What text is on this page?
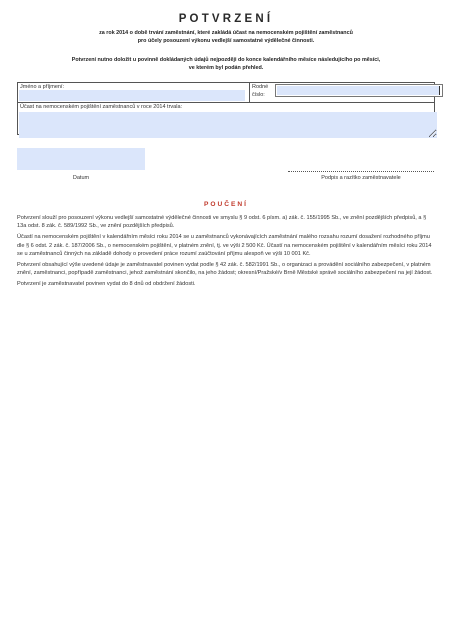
POTVRZENÍ
za rok 2014 o době trvání zaměstnání, které zakládá účast na nemocenském pojištění zaměstnanců
pro účely posouzení výkonu vedlejší samostatné výdělečné činnosti.
Potvrzení nutno doložit u povinně dokládaných údajů nejpozději do konce kalendářního měsíce následujícího po měsíci,
ve kterém byl podán přehled.
Jméno a příjmení:	Rodné
číslo:
Účast na nemocenském pojištění zaměstnanců v roce 2014 trvala:
Datum	Podpis a razítko zaměstnavatele
POUČENÍ

Potvrzení slouží pro posouzení výkonu vedlejší samostatné výdělečné činnosti ve smyslu § 9 odst. 6 písm. a) zák. č. 155/1995 Sb., ve znění pozdějších předpisů, a § 13a odst. 8 zák. č. 589/1992 Sb., ve znění pozdějších předpisů.

Účastí na nemocenském pojištění v kalendářním měsíci roku 2014 se u zaměstnanců vykonávajících zaměstnání malého rozsahu rozumí dosažení rozhodného příjmu dle § 6 odst. 2 zák. č. 187/2006 Sb., o nemocenském pojištění, v platném znění, tj. ve výši 2 500 Kč. Účastí na nemocenském pojištění v kalendářním měsíci roku 2014 se u zaměstnanců činných na základě dohody o provedení práce rozumí zaúčtování příjmu alespoň ve výši 10 001 Kč.

Potvrzení obsahující výše uvedené údaje je zaměstnavatel povinen vydat podle § 42 zák. č. 582/1991 Sb., o organizaci a provádění sociálního zabezpečení, v platném znění, zaměstnanci, popřípadě zaměstnanci, jehož zaměstnání skončilo, na jeho žádost; okresní/Pražské/v Brně Městské správě sociálního zabezpečení na její žádost.

Potvrzení je zaměstnavatel povinen vydat do 8 dnů od obdržení žádosti.
